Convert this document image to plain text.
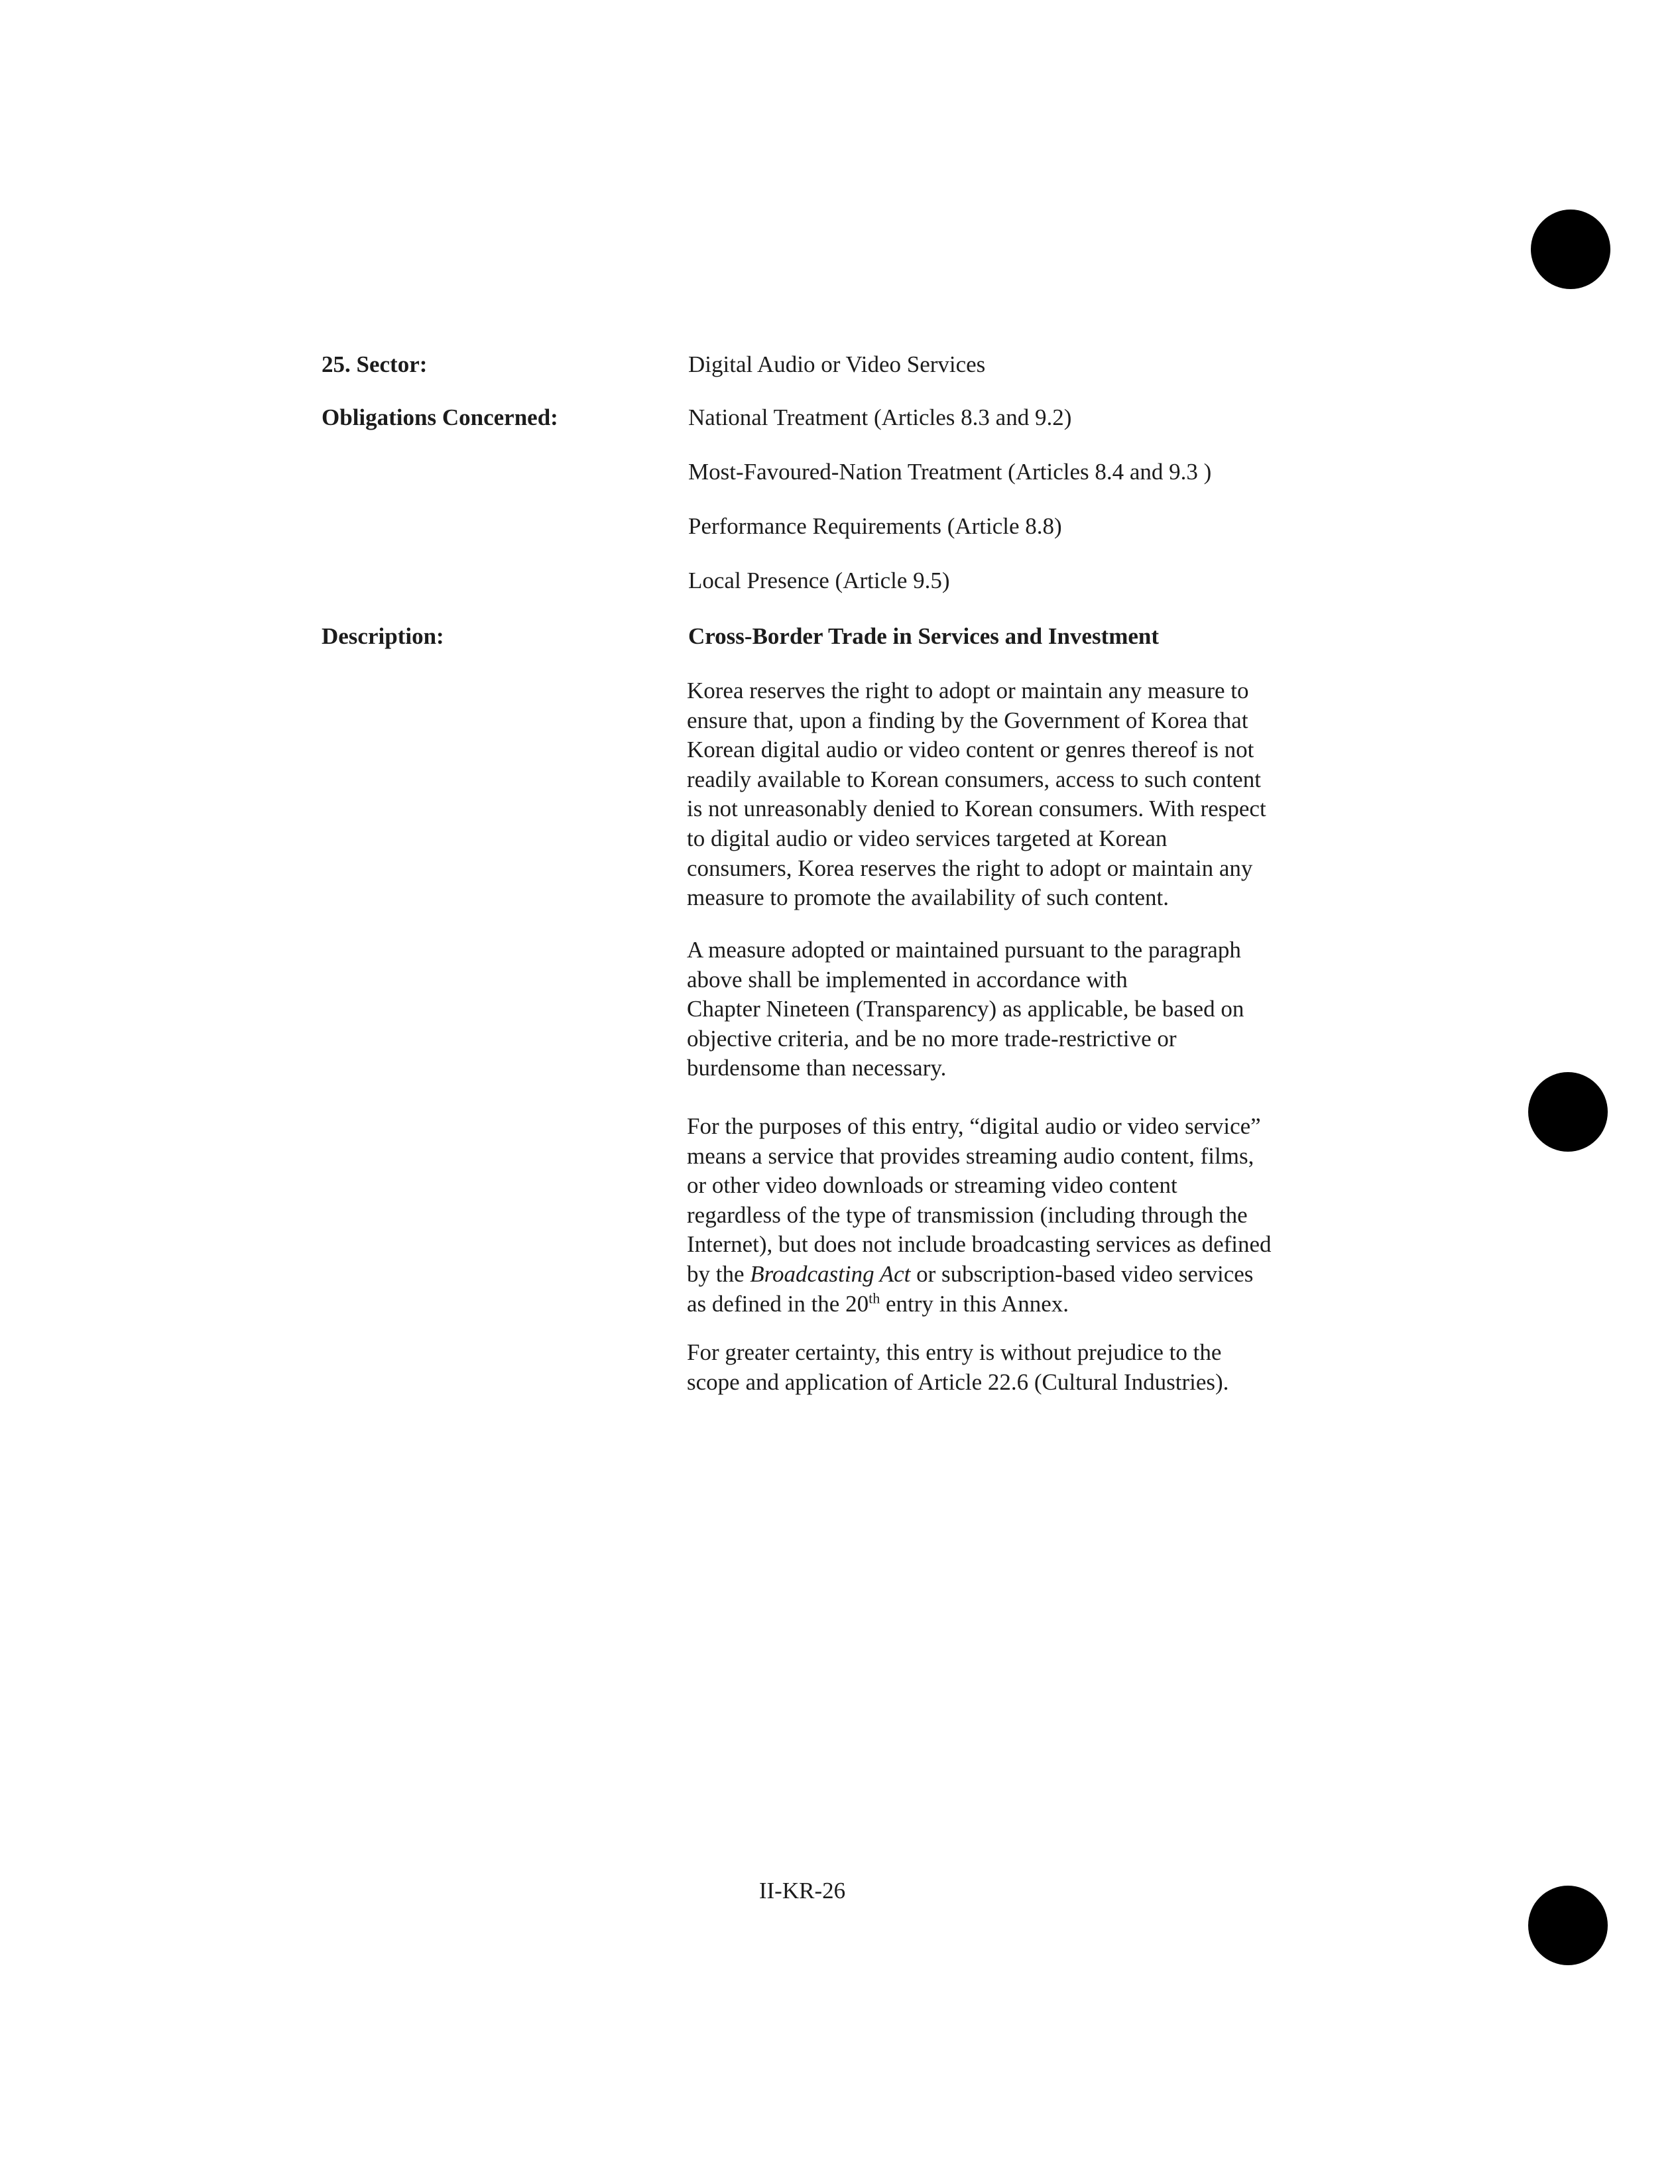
25. Sector:	Digital Audio or Video Services
Obligations Concerned:	National Treatment (Articles 8.3 and 9.2)
Most-Favoured-Nation Treatment (Articles 8.4 and 9.3 )
Performance Requirements (Article 8.8)
Local Presence (Article 9.5)
Description:	Cross-Border Trade in Services and Investment
Korea reserves the right to adopt or maintain any measure to
ensure that, upon a finding by the Government of Korea that
Korean digital audio or video content or genres thereof is not
readily available to Korean consumers, access to such content
is not unreasonably denied to Korean consumers. With respect
to digital audio or video services targeted at Korean
consumers, Korea reserves the right to adopt or maintain any
measure to promote the availability of such content.
A measure adopted or maintained pursuant to the paragraph
above shall be implemented in accordance with
Chapter Nineteen (Transparency) as applicable, be based on
objective criteria, and be no more trade-restrictive or
burdensome than necessary.
For the purposes of this entry, “digital audio or video service”
means a service that provides streaming audio content, films,
or other video downloads or streaming video content
regardless of the type of transmission (including through the
Internet), but does not include broadcasting services as defined
by the Broadcasting Act or subscription-based video services
as defined in the 20th entry in this Annex.
For greater certainty, this entry is without prejudice to the
scope and application of Article 22.6 (Cultural Industries).
II-KR-26
